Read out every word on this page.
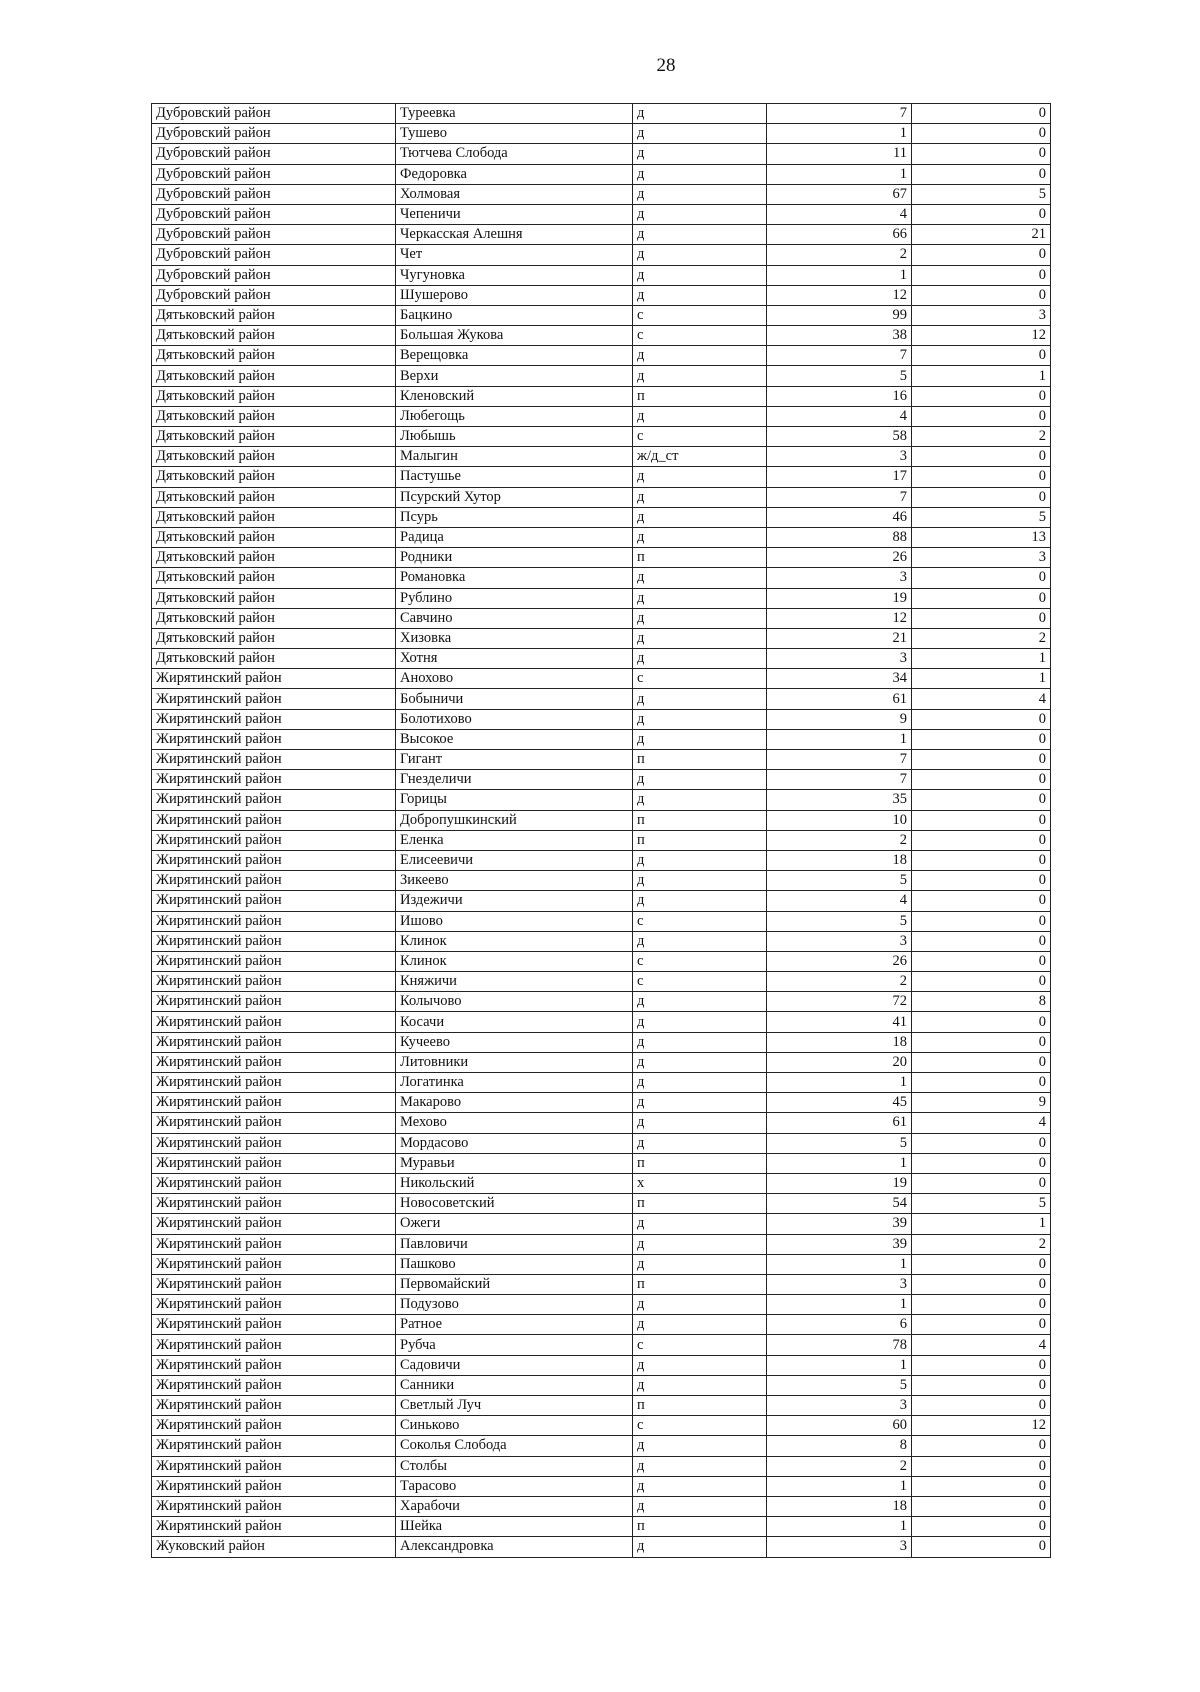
28
Дубровский район	Туреевка	д	7	0
Дубровский район	Тушево	д	1	0
Дубровский район	Тютчева Слобода	д	11	0
Дубровский район	Федоровка	д	1	0
Дубровский район	Холмовая	д	67	5
Дубровский район	Чепеничи	д	4	0
Дубровский район	Черкасская Алешня	д	66	21
Дубровский район	Чет	д	2	0
Дубровский район	Чугуновка	д	1	0
Дубровский район	Шушерово	д	12	0
Дятьковский район	Бацкино	с	99	3
Дятьковский район	Большая Жукова	с	38	12
Дятьковский район	Верещовка	д	7	0
Дятьковский район	Верхи	д	5	1
Дятьковский район	Кленовский	п	16	0
Дятьковский район	Любегощь	д	4	0
Дятьковский район	Любышь	с	58	2
Дятьковский район	Малыгин	ж/д_ст	3	0
Дятьковский район	Пастушье	д	17	0
Дятьковский район	Псурский Хутор	д	7	0
Дятьковский район	Псурь	д	46	5
Дятьковский район	Радица	д	88	13
Дятьковский район	Родники	п	26	3
Дятьковский район	Романовка	д	3	0
Дятьковский район	Рублино	д	19	0
Дятьковский район	Савчино	д	12	0
Дятьковский район	Хизовка	д	21	2
Дятьковский район	Хотня	д	3	1
Жирятинский район	Анохово	с	34	1
Жирятинский район	Бобыничи	д	61	4
Жирятинский район	Болотихово	д	9	0
Жирятинский район	Высокое	д	1	0
Жирятинский район	Гигант	п	7	0
Жирятинский район	Гнезделичи	д	7	0
Жирятинский район	Горицы	д	35	0
Жирятинский район	Добропушкинский	п	10	0
Жирятинский район	Еленка	п	2	0
Жирятинский район	Елисеевичи	д	18	0
Жирятинский район	Зикеево	д	5	0
Жирятинский район	Издежичи	д	4	0
Жирятинский район	Ишово	с	5	0
Жирятинский район	Клинок	д	3	0
Жирятинский район	Клинок	с	26	0
Жирятинский район	Княжичи	с	2	0
Жирятинский район	Колычово	д	72	8
Жирятинский район	Косачи	д	41	0
Жирятинский район	Кучеево	д	18	0
Жирятинский район	Литовники	д	20	0
Жирятинский район	Логатинка	д	1	0
Жирятинский район	Макарово	д	45	9
Жирятинский район	Мехово	д	61	4
Жирятинский район	Мордасово	д	5	0
Жирятинский район	Муравьи	п	1	0
Жирятинский район	Никольский	х	19	0
Жирятинский район	Новосоветский	п	54	5
Жирятинский район	Ожеги	д	39	1
Жирятинский район	Павловичи	д	39	2
Жирятинский район	Пашково	д	1	0
Жирятинский район	Первомайский	п	3	0
Жирятинский район	Подузово	д	1	0
Жирятинский район	Ратное	д	6	0
Жирятинский район	Рубча	с	78	4
Жирятинский район	Садовичи	д	1	0
Жирятинский район	Санники	д	5	0
Жирятинский район	Светлый Луч	п	3	0
Жирятинский район	Синьково	с	60	12
Жирятинский район	Соколья Слобода	д	8	0
Жирятинский район	Столбы	д	2	0
Жирятинский район	Тарасово	д	1	0
Жирятинский район	Харабочи	д	18	0
Жирятинский район	Шейка	п	1	0
Жуковский район	Александровка	д	3	0
